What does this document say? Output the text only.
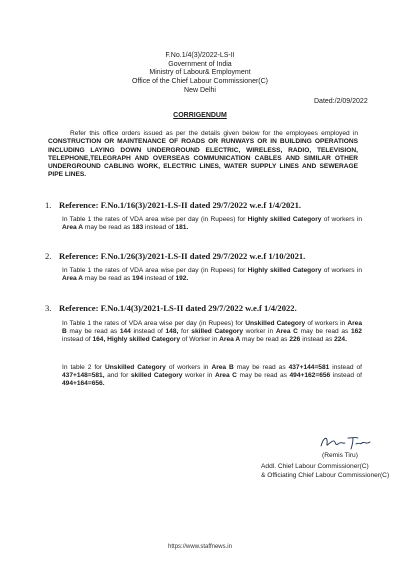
F.No.1/4(3)/2022-LS-II
Government of India
Ministry of Labour& Employment
Office of the Chief Labour Commissioner(C)
New Delhi
Dated:/2/09/2022
CORRIGENDUM
Refer this office orders issued as per the details given below for the employees employed in CONSTRUCTION OR MAINTENANCE OF ROADS OR RUNWAYS OR IN BUILDING OPERATIONS INCLUDING LAYING DOWN UNDERGROUND ELECTRIC, WIRELESS, RADIO, TELEVISION, TELEPHONE,TELEGRAPH AND OVERSEAS COMMUNICATION CABLES AND SIMILAR OTHER UNDERGROUND CABLING WORK, ELECTRIC LINES, WATER SUPPLY LINES AND SEWERAGE PIPE LINES.
1. Reference: F.No.1/16(3)/2021-LS-II dated 29/7/2022 w.e.f 1/4/2021.
In Table 1 the rates of VDA area wise per day (in Rupees) for Highly skilled Category of workers in Area A may be read as 183 instead of 181.
2. Reference: F.No.1/26(3)/2021-LS-II dated 29/7/2022 w.e.f 1/10/2021.
In Table 1 the rates of VDA area wise per day (in Rupees) for Highly skilled Category of workers in Area A may be read as 194 instead of 192.
3. Reference: F.No.1/4(3)/2021-LS-II dated 29/7/2022 w.e.f 1/4/2022.
In Table 1 the rates of VDA area wise per day (in Rupees) for Unskilled Category of workers in Area B may be read as 144 instead of 148, for skilled Category worker in Area C may be read as 162 instead of 164, Highly skilled Category of Worker in Area A may be read as 226 instead as 224.
In table 2 for Unskilled Category of workers in Area B may be read as 437+144=581 instead of 437+148=581, and for skilled Category worker in Area C may be read as 494+162=656 instead of 494+164=656.
(Remis Tiru)
Addl. Chief Labour Commissioner(C)
& Officiating Chief Labour Commissioner(C)
https://www.staffnews.in
